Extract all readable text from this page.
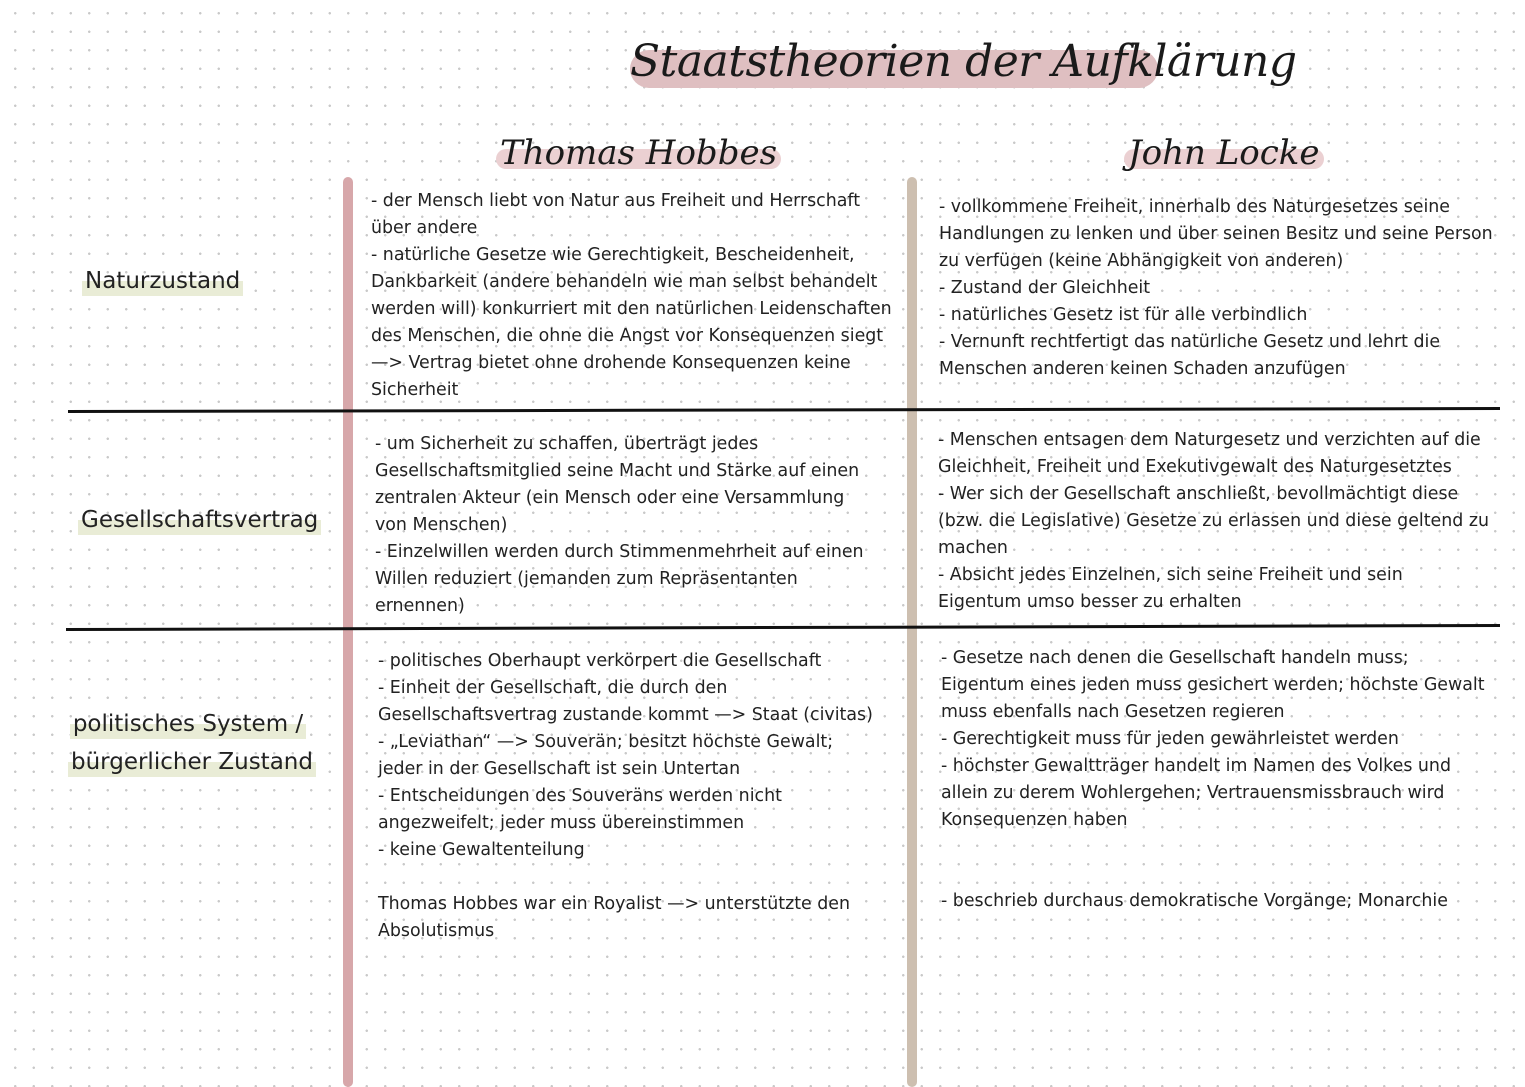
Staatstheorien der Aufklärung
Thomas Hobbes	John Locke
Naturzustand
Gesellschaftsvertrag
politisches System /
bürgerlicher Zustand

- der Mensch liebt von Natur aus Freiheit und Herrschaft

über andere

- natürliche Gesetze wie Gerechtigkeit, Bescheidenheit,

Dankbarkeit (andere behandeln wie man selbst behandelt

werden will) konkurriert mit den natürlichen Leidenschaften

des Menschen, die ohne die Angst vor Konsequenzen siegt

—> Vertrag bietet ohne drohende Konsequenzen keine

Sicherheit

- vollkommene Freiheit, innerhalb des Naturgesetzes seine

Handlungen zu lenken und über seinen Besitz und seine Person

zu verfügen (keine Abhängigkeit von anderen)

- Zustand der Gleichheit

- natürliches Gesetz ist für alle verbindlich

- Vernunft rechtfertigt das natürliche Gesetz und lehrt die

Menschen anderen keinen Schaden anzufügen

- um Sicherheit zu schaffen, überträgt jedes

Gesellschaftsmitglied seine Macht und Stärke auf einen

zentralen Akteur (ein Mensch oder eine Versammlung

von Menschen)

- Einzelwillen werden durch Stimmenmehrheit auf einen

Willen reduziert (jemanden zum Repräsentanten

ernennen)

- Menschen entsagen dem Naturgesetz und verzichten auf die

Gleichheit, Freiheit und Exekutivgewalt des Naturgesetztes

- Wer sich der Gesellschaft anschließt, bevollmächtigt diese

(bzw. die Legislative) Gesetze zu erlassen und diese geltend zu

machen

- Absicht jedes Einzelnen, sich seine Freiheit und sein

Eigentum umso besser zu erhalten

- politisches Oberhaupt verkörpert die Gesellschaft

- Einheit der Gesellschaft, die durch den

Gesellschaftsvertrag zustande kommt —> Staat (civitas)

- „Leviathan“ —> Souverän; besitzt höchste Gewalt;

jeder in der Gesellschaft ist sein Untertan

- Entscheidungen des Souveräns werden nicht

angezweifelt; jeder muss übereinstimmen

- keine Gewaltenteilung

- Gesetze nach denen die Gesellschaft handeln muss;

Eigentum eines jeden muss gesichert werden; höchste Gewalt

muss ebenfalls nach Gesetzen regieren

- Gerechtigkeit muss für jeden gewährleistet werden

- höchster Gewaltträger handelt im Namen des Volkes und

allein zu derem Wohlergehen; Vertrauensmissbrauch wird

Konsequenzen haben

Thomas Hobbes war ein Royalist —> unterstützte den

Absolutismus

- beschrieb durchaus demokratische Vorgänge; Monarchie
